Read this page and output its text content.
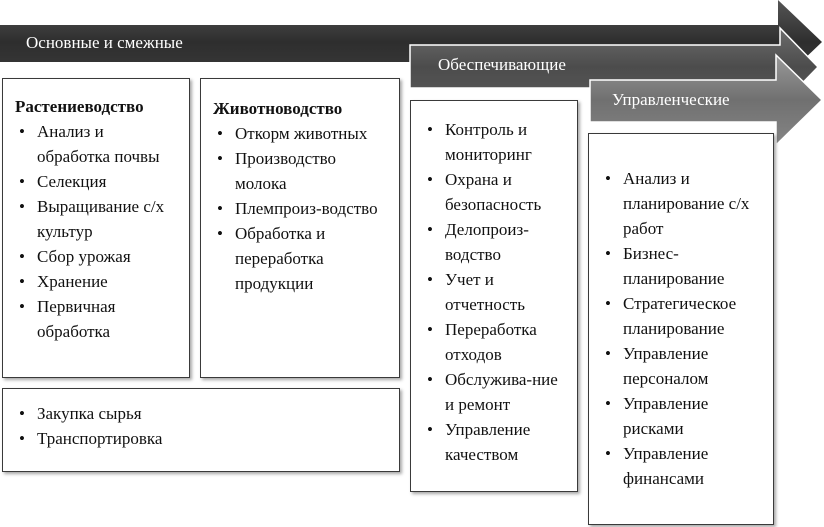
Основные и смежные
Обеспечивающие
Управленческие
Растениеводство
• Анализ и обработка почвы
• Селекция
• Выращивание с/х культур
• Сбор урожая
• Хранение
• Первичная обработка
Животноводство
• Откорм животных
• Производство молока
• Племпроиз-водство
• Обработка и переработка продукции
• Закупка сырья
• Транспортировка
• Контроль и мониторинг
• Охрана и безопасность
• Делопроиз-водство
• Учет и отчетность
• Переработка отходов
• Обслужива-ние и ремонт
• Управление качеством
• Анализ и планирование с/х работ
• Бизнес-планирование
• Стратегическое планирование
• Управление персоналом
• Управление рисками
• Управление финансами
